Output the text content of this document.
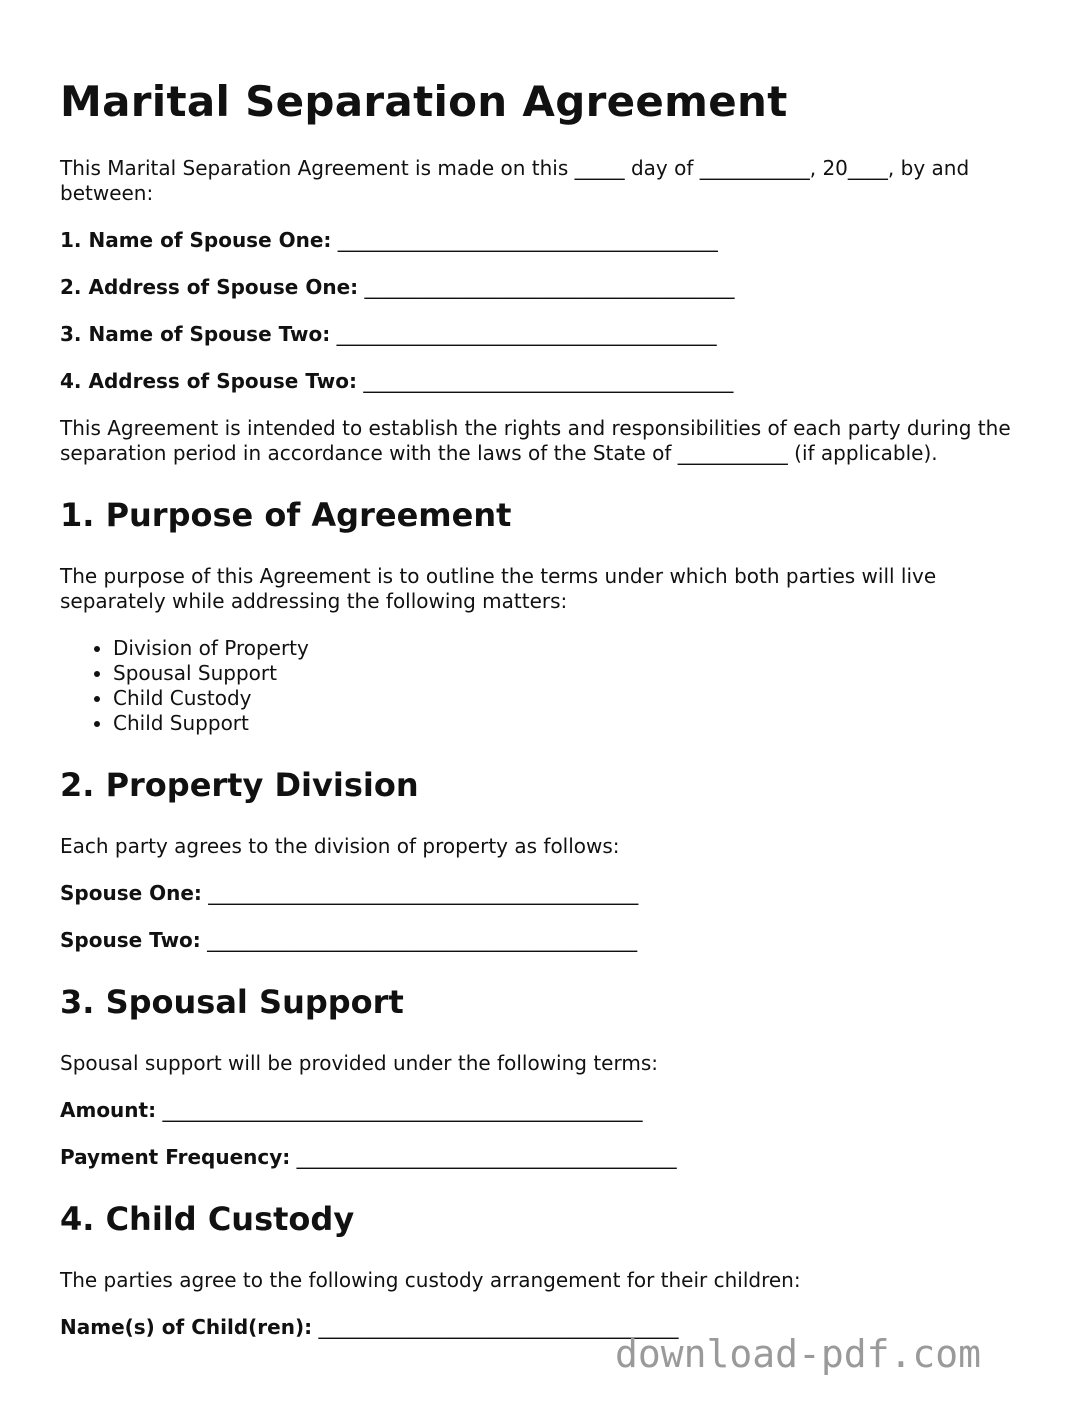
Marital Separation Agreement

This Marital Separation Agreement is made on this _____ day of ___________, 20____, by and between:

1. Name of Spouse One: ______________________________________
2. Address of Spouse One: _____________________________________
3. Name of Spouse Two: ______________________________________
4. Address of Spouse Two: _____________________________________

This Agreement is intended to establish the rights and responsibilities of each party during the separation period in accordance with the laws of the State of ___________ (if applicable).

1. Purpose of Agreement

The purpose of this Agreement is to outline the terms under which both parties will live separately while addressing the following matters:

• Division of Property
• Spousal Support
• Child Custody
• Child Support
2. Property Division

Each party agrees to the division of property as follows:

Spouse One: ___________________________________________
Spouse Two: ___________________________________________
3. Spousal Support

Spousal support will be provided under the following terms:

Amount: ________________________________________________
Payment Frequency: ______________________________________
4. Child Custody

The parties agree to the following custody arrangement for their children:

Name(s) of Child(ren): ____________________________________
download-pdf.com
